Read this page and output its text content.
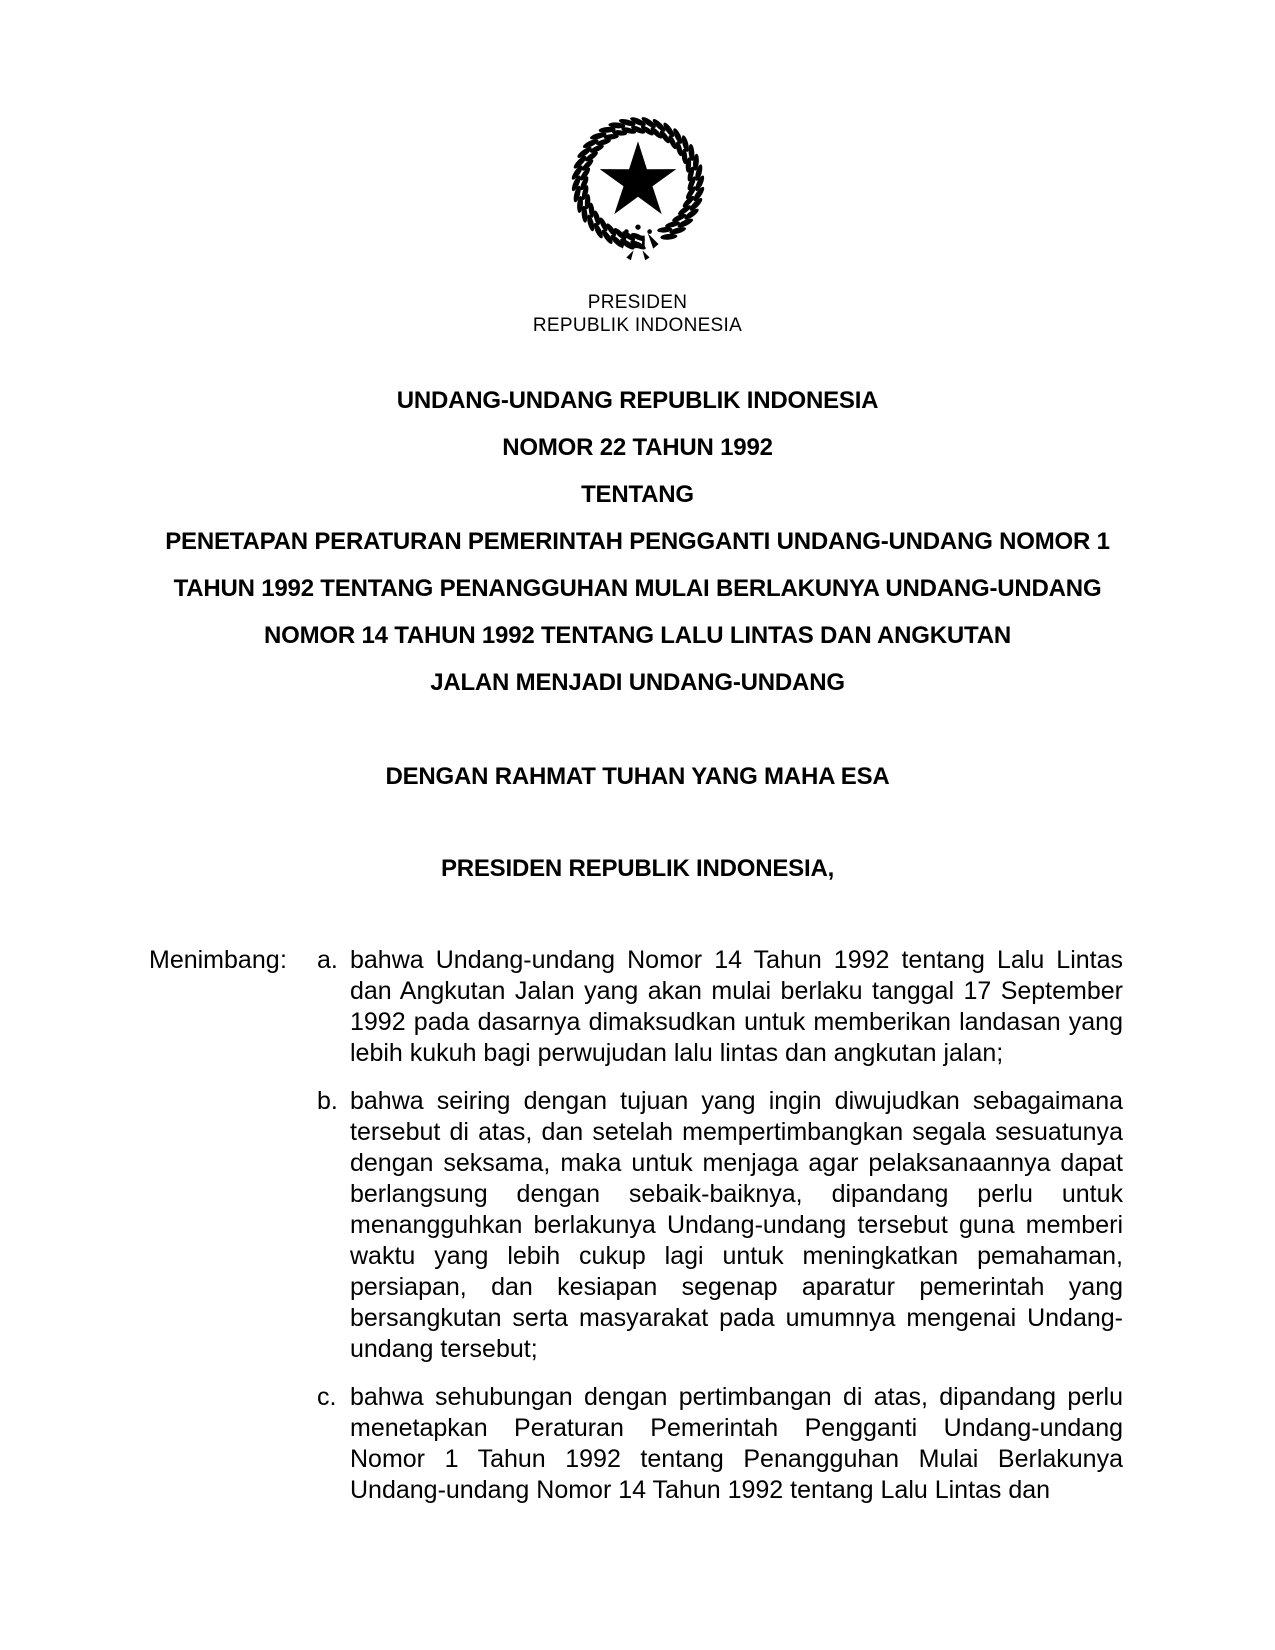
PRESIDEN
REPUBLIK INDONESIA
UNDANG-UNDANG REPUBLIK INDONESIA
NOMOR 22 TAHUN 1992
TENTANG
PENETAPAN PERATURAN PEMERINTAH PENGGANTI UNDANG-UNDANG NOMOR 1
TAHUN 1992 TENTANG PENANGGUHAN MULAI BERLAKUNYA UNDANG-UNDANG
NOMOR 14 TAHUN 1992 TENTANG LALU LINTAS DAN ANGKUTAN
JALAN MENJADI UNDANG-UNDANG
DENGAN RAHMAT TUHAN YANG MAHA ESA
PRESIDEN REPUBLIK INDONESIA,
Menimbang :	a. bahwa Undang-undang Nomor 14 Tahun 1992 tentang Lalu Lintas dan Angkutan Jalan yang akan mulai berlaku tanggal 17 September 1992 pada dasarnya dimaksudkan untuk memberikan landasan yang lebih kukuh bagi perwujudan lalu lintas dan angkutan jalan;
b. bahwa seiring dengan tujuan yang ingin diwujudkan sebagaimana tersebut di atas, dan setelah mempertimbangkan segala sesuatunya dengan seksama, maka untuk menjaga agar pelaksanaannya dapat berlangsung dengan sebaik-baiknya, dipandang perlu untuk menangguhkan berlakunya Undang-undang tersebut guna memberi waktu yang lebih cukup lagi untuk meningkatkan pemahaman, persiapan, dan kesiapan segenap aparatur pemerintah yang bersangkutan serta masyarakat pada umumnya mengenai Undang-undang tersebut;
c. bahwa sehubungan dengan pertimbangan di atas, dipandang perlu menetapkan Peraturan Pemerintah Pengganti Undang-undang Nomor 1 Tahun 1992 tentang Penangguhan Mulai Berlakunya Undang-undang Nomor 14 Tahun 1992 tentang Lalu Lintas dan
